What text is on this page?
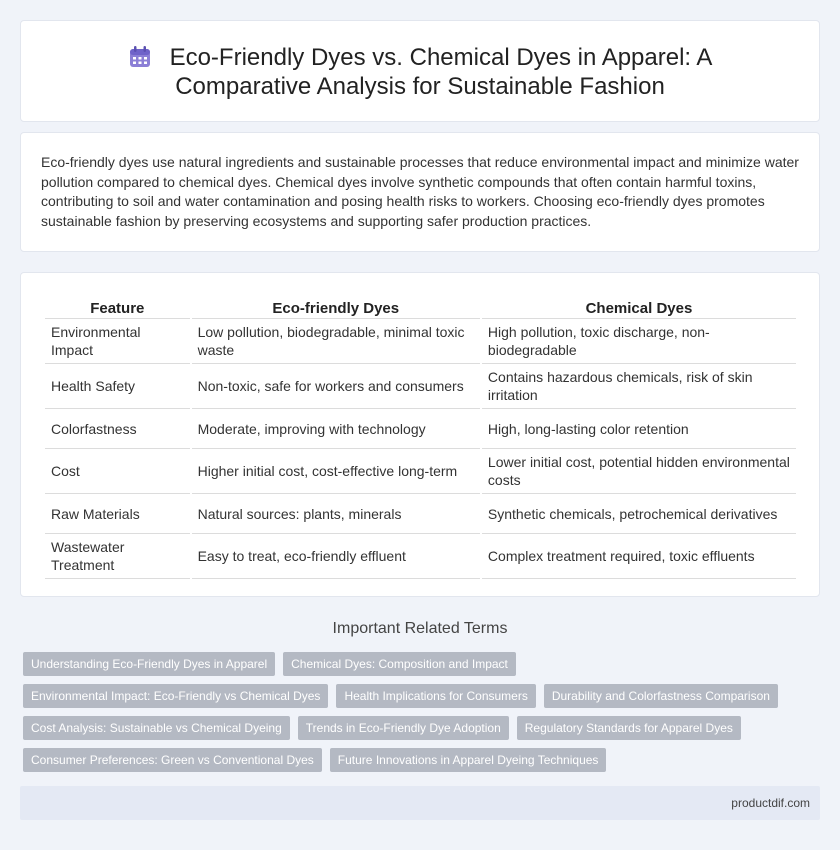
Eco-Friendly Dyes vs. Chemical Dyes in Apparel: A Comparative Analysis for Sustainable Fashion

Eco-friendly dyes use natural ingredients and sustainable processes that reduce environmental impact and minimize water pollution compared to chemical dyes. Chemical dyes involve synthetic compounds that often contain harmful toxins, contributing to soil and water contamination and posing health risks to workers. Choosing eco-friendly dyes promotes sustainable fashion by preserving ecosystems and supporting safer production practices.

Feature	Eco-friendly Dyes	Chemical Dyes
Environmental Impact	Low pollution, biodegradable, minimal toxic waste	High pollution, toxic discharge, non-biodegradable
Health Safety	Non-toxic, safe for workers and consumers	Contains hazardous chemicals, risk of skin irritation
Colorfastness	Moderate, improving with technology	High, long-lasting color retention
Cost	Higher initial cost, cost-effective long-term	Lower initial cost, potential hidden environmental costs
Raw Materials	Natural sources: plants, minerals	Synthetic chemicals, petrochemical derivatives
Wastewater Treatment	Easy to treat, eco-friendly effluent	Complex treatment required, toxic effluents
Important Related Terms
Understanding Eco-Friendly Dyes in Apparel	Chemical Dyes: Composition and Impact
Environmental Impact: Eco-Friendly vs Chemical Dyes	Health Implications for Consumers	Durability and Colorfastness Comparison
Cost Analysis: Sustainable vs Chemical Dyeing	Trends in Eco-Friendly Dye Adoption	Regulatory Standards for Apparel Dyes
Consumer Preferences: Green vs Conventional Dyes	Future Innovations in Apparel Dyeing Techniques
productdif.com
